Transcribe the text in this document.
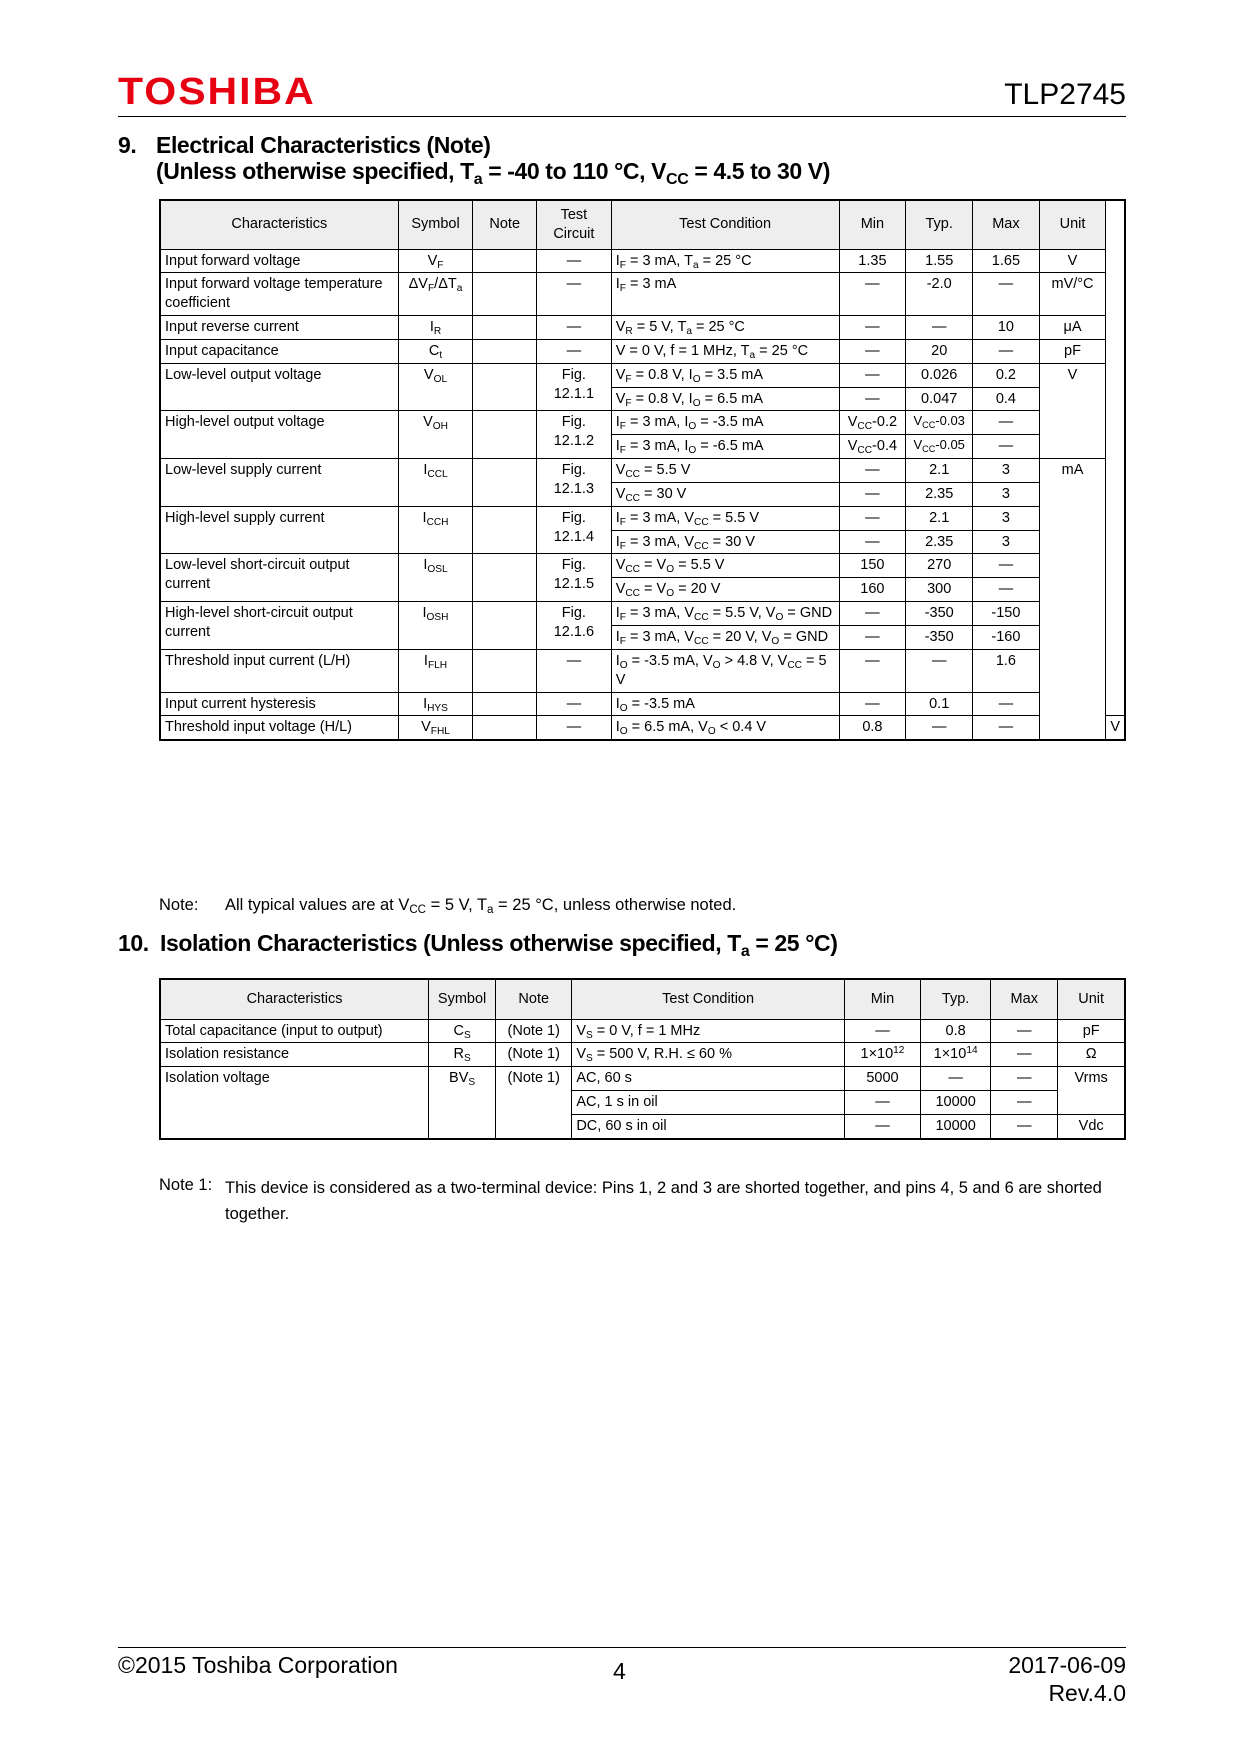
TOSHIBA	TLP2745
9. Electrical Characteristics (Note)
(Unless otherwise specified, $T_a = -40$ to 110 °C, $V_{CC} = 4.5$ to 30 V)
Characteristics	Symbol	Note	Test Circuit	Test Condition	Min	Typ.	Max	Unit	
Input forward voltage	$V_F$		—	$I_F = 3$ mA, $T_a = 25$ °C	1.35	1.55	1.65	V	
Input forward voltage temperature coefficient	$\Delta V_F/\Delta T_a$		—	$I_F = 3$ mA	—	-2.0	—	mV/°C	
Input reverse current	$I_R$		—	$V_R = 5$ V, $T_a = 25$ °C	—	—	10	μA	
Input capacitance	$C_t$		—	V = 0 V, f = 1 MHz, $T_a = 25$ °C	—	20	—	pF	
Low-level output voltage	$V_{OL}$		Fig. 12.1.1	$V_F = 0.8$ V, $I_O = 3.5$ mA	—	0.026	0.2	V	
				$V_F = 0.8$ V, $I_O = 6.5$ mA	—	0.047	0.4		
High-level output voltage	$V_{OH}$		Fig. 12.1.2	$I_F = 3$ mA, $I_O = -3.5$ mA	$V_{CC}-0.2$	$V_{CC}-0.03$	—		
				$I_F = 3$ mA, $I_O = -6.5$ mA	$V_{CC}-0.4$	$V_{CC}-0.05$	—		
Low-level supply current	$I_{CCL}$		Fig. 12.1.3	$V_{CC} = 5.5$ V	—	2.1	3	mA	
				$V_{CC} = 30$ V	—	2.35	3		
High-level supply current	$I_{CCH}$		Fig. 12.1.4	$I_F = 3$ mA, $V_{CC} = 5.5$ V	—	2.1	3		
				$I_F = 3$ mA, $V_{CC} = 30$ V	—	2.35	3		
Low-level short-circuit output current	$I_{OSL}$		Fig. 12.1.5	$V_{CC} = V_O = 5.5$ V	150	270	—		
				$V_{CC} = V_O = 20$ V	160	300	—		
High-level short-circuit output current	$I_{OSH}$		Fig. 12.1.6	$I_F = 3$ mA, $V_{CC} = 5.5$ V, $V_O$ = GND	—	-350	-150		
				$I_F = 3$ mA, $V_{CC} = 20$ V, $V_O$ = GND	—	-350	-160		
Threshold input current (L/H)	$I_{FLH}$		—	$I_O = -3.5$ mA, $V_O > 4.8$ V, $V_{CC} = 5$ V	—	—	1.6		
Input current hysteresis	$I_{HYS}$		—	$I_O = -3.5$ mA	—	0.1	—		
Threshold input voltage (H/L)	$V_{FHL}$		—	$I_O = 6.5$ mA, $V_O < 0.4$ V	0.8	—	—		V
Note: All typical values are at $V_{CC} = 5$ V, $T_a = 25$ °C, unless otherwise noted.
10. Isolation Characteristics (Unless otherwise specified, $T_a = 25$ °C)
Characteristics	Symbol	Note	Test Condition	Min	Typ.	Max	Unit
Total capacitance (input to output)	$C_S$	(Note 1)	$V_S = 0$ V, f = 1 MHz	—	0.8	—	pF
Isolation resistance	$R_S$	(Note 1)	$V_S = 500$ V, R.H. ≤ 60 %	$1\times 10^{12}$	$1\times 10^{14}$	—	Ω
Isolation voltage	$BV_S$	(Note 1)	AC, 60 s	5000	—	—	Vrms
			AC, 1 s in oil	—	10000	—	
			DC, 60 s in oil	—	10000	—	Vdc
Note 1: This device is considered as a two-terminal device: Pins 1, 2 and 3 are shorted together, and pins 4, 5 and 6 are shorted together.
©2015 Toshiba Corporation	4	2017-06-09
Rev.4.0
